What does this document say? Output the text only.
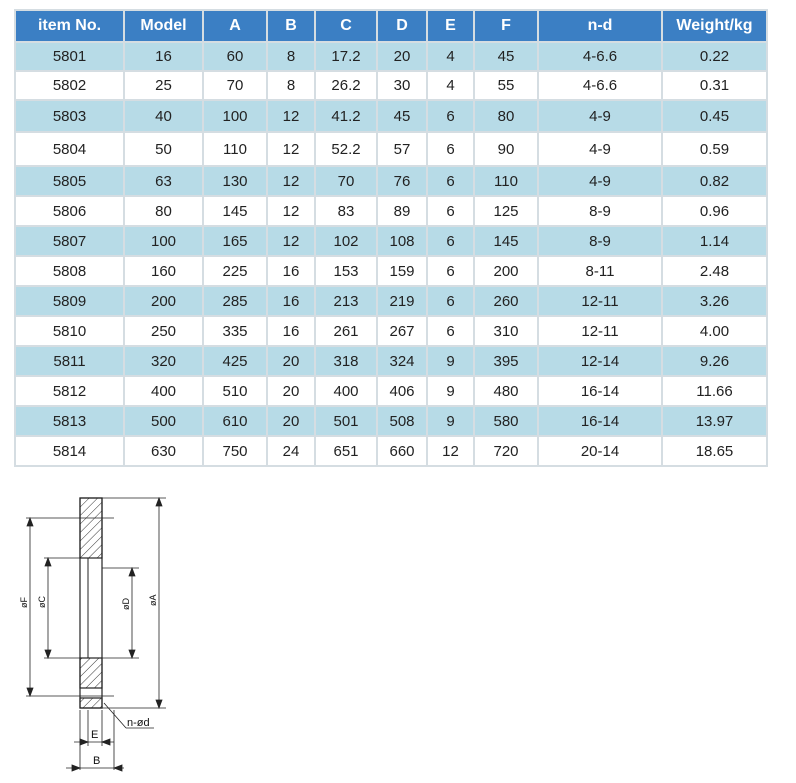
item No.	Model	A	B	C	D	E	F	n-d	Weight/kg
5801	16	60	8	17.2	20	4	45	4-6.6	0.22
5802	25	70	8	26.2	30	4	55	4-6.6	0.31
5803	40	100	12	41.2	45	6	80	4-9	0.45
5804	50	110	12	52.2	57	6	90	4-9	0.59
5805	63	130	12	70	76	6	110	4-9	0.82
5806	80	145	12	83	89	6	125	8-9	0.96
5807	100	165	12	102	108	6	145	8-9	1.14
5808	160	225	16	153	159	6	200	8-11	2.48
5809	200	285	16	213	219	6	260	12-11	3.26
5810	250	335	16	261	267	6	310	12-11	4.00
5811	320	425	20	318	324	9	395	12-14	9.26
5812	400	510	20	400	406	9	480	16-14	11.66
5813	500	610	20	501	508	9	580	16-14	13.97
5814	630	750	24	651	660	12	720	20-14	18.65
øF øC	øD øA
n-ød
E
B
